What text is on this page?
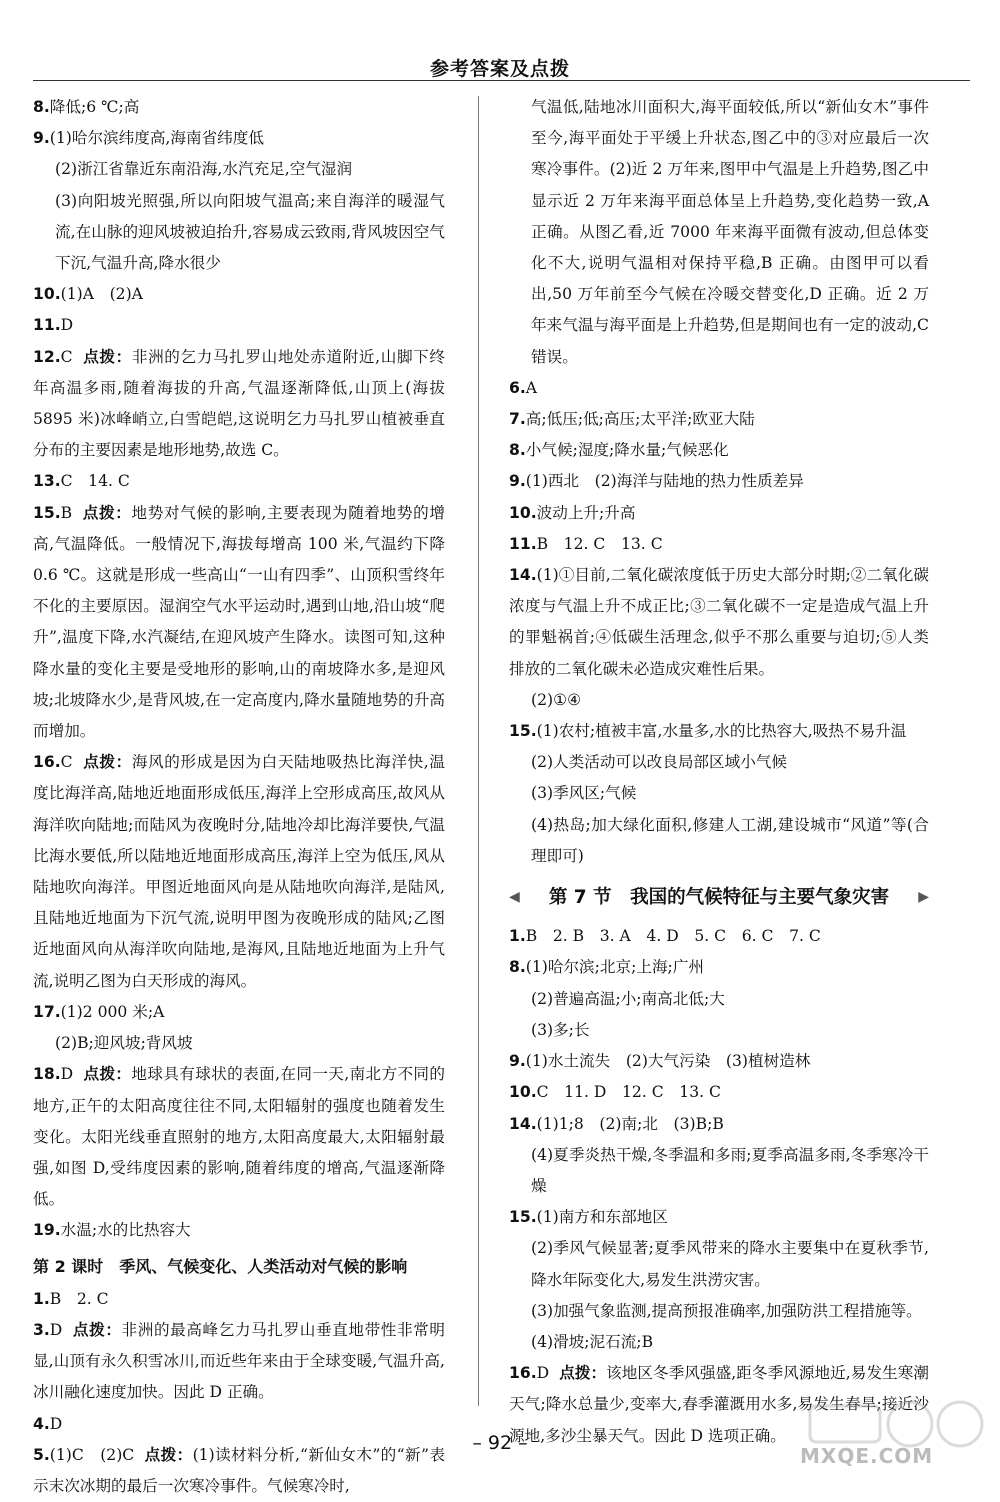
参考答案及点拨

8.降低;6 ℃;高

9.(1)哈尔滨纬度高,海南省纬度低

(2)浙江省靠近东南沿海,水汽充足,空气湿润

(3)向阳坡光照强,所以向阳坡气温高;来自海洋的暖湿气流,在山脉的迎风坡被迫抬升,容易成云致雨,背风坡因空气下沉,气温升高,降水很少

10.(1)A　(2)A

11.D

12.C 点拨：非洲的乞力马扎罗山地处赤道附近,山脚下终年高温多雨,随着海拔的升高,气温逐渐降低,山顶上(海拔 5895 米)冰峰峭立,白雪皑皑,这说明乞力马扎罗山植被垂直分布的主要因素是地形地势,故选 C。

13.C　14. C

15.B 点拨：地势对气候的影响,主要表现为随着地势的增高,气温降低。一般情况下,海拔每增高 100 米,气温约下降 0.6 ℃。这就是形成一些高山“一山有四季”、山顶积雪终年不化的主要原因。湿润空气水平运动时,遇到山地,沿山坡“爬升”,温度下降,水汽凝结,在迎风坡产生降水。读图可知,这种降水量的变化主要是受地形的影响,山的南坡降水多,是迎风坡;北坡降水少,是背风坡,在一定高度内,降水量随地势的升高而增加。

16.C 点拨：海风的形成是因为白天陆地吸热比海洋快,温度比海洋高,陆地近地面形成低压,海洋上空形成高压,故风从海洋吹向陆地;而陆风为夜晚时分,陆地冷却比海洋要快,气温比海水要低,所以陆地近地面形成高压,海洋上空为低压,风从陆地吹向海洋。甲图近地面风向是从陆地吹向海洋,是陆风,且陆地近地面为下沉气流,说明甲图为夜晚形成的陆风;乙图近地面风向从海洋吹向陆地,是海风,且陆地近地面为上升气流,说明乙图为白天形成的海风。

17.(1)2 000 米;A

(2)B;迎风坡;背风坡

18.D 点拨：地球具有球状的表面,在同一天,南北方不同的地方,正午的太阳高度往往不同,太阳辐射的强度也随着发生变化。太阳光线垂直照射的地方,太阳高度最大,太阳辐射最强,如图 D,受纬度因素的影响,随着纬度的增高,气温逐渐降低。

19.水温;水的比热容大

第 2 课时　季风、气候变化、人类活动对气候的影响

1.B　2. C

3.D 点拨：非洲的最高峰乞力马扎罗山垂直地带性非常明显,山顶有永久积雪冰川,而近些年来由于全球变暖,气温升高,冰川融化速度加快。因此 D 正确。

4.D

5.(1)C　(2)C 点拨：(1)读材料分析,“新仙女木”的“新”表示末次冰期的最后一次寒冷事件。气候寒冷时,

气温低,陆地冰川面积大,海平面较低,所以“新仙女木”事件至今,海平面处于平缓上升状态,图乙中的③对应最后一次寒冷事件。(2)近 2 万年来,图甲中气温是上升趋势,图乙中显示近 2 万年来海平面总体呈上升趋势,变化趋势一致,A 正确。从图乙看,近 7000 年来海平面微有波动,但总体变化不大,说明气温相对保持平稳,B 正确。由图甲可以看出,50 万年前至今气候在冷暖交替变化,D 正确。近 2 万年来气温与海平面是上升趋势,但是期间也有一定的波动,C 错误。

6.A

7.高;低压;低;高压;太平洋;欧亚大陆

8.小气候;湿度;降水量;气候恶化

9.(1)西北　(2)海洋与陆地的热力性质差异

10.波动上升;升高

11.B　12. C　13. C

14.(1)①目前,二氧化碳浓度低于历史大部分时期;②二氧化碳浓度与气温上升不成正比;③二氧化碳不一定是造成气温上升的罪魁祸首;④低碳生活理念,似乎不那么重要与迫切;⑤人类排放的二氧化碳未必造成灾难性后果。

(2)①④

15.(1)农村;植被丰富,水量多,水的比热容大,吸热不易升温

(2)人类活动可以改良局部区域小气候

(3)季风区;气候

(4)热岛;加大绿化面积,修建人工湖,建设城市“风道”等(合理即可)

◀ 第 7 节　我国的气候特征与主要气象灾害 ▶

1.B　2. B　3. A　4. D　5. C　6. C　7. C

8.(1)哈尔滨;北京;上海;广州

(2)普遍高温;小;南高北低;大

(3)多;长

9.(1)水土流失　(2)大气污染　(3)植树造林

10.C　11. D　12. C　13. C

14.(1)1;8　(2)南;北　(3)B;B

(4)夏季炎热干燥,冬季温和多雨;夏季高温多雨,冬季寒冷干燥

15.(1)南方和东部地区

(2)季风气候显著;夏季风带来的降水主要集中在夏秋季节,降水年际变化大,易发生洪涝灾害。

(3)加强气象监测,提高预报准确率,加强防洪工程措施等。

(4)滑坡;泥石流;B

16.D 点拨：该地区冬季风强盛,距冬季风源地近,易发生寒潮天气;降水总量少,变率大,春季灌溉用水多,易发生春旱;接近沙源地,多沙尘暴天气。因此 D 选项正确。

– 92 –
MXQE.COM
